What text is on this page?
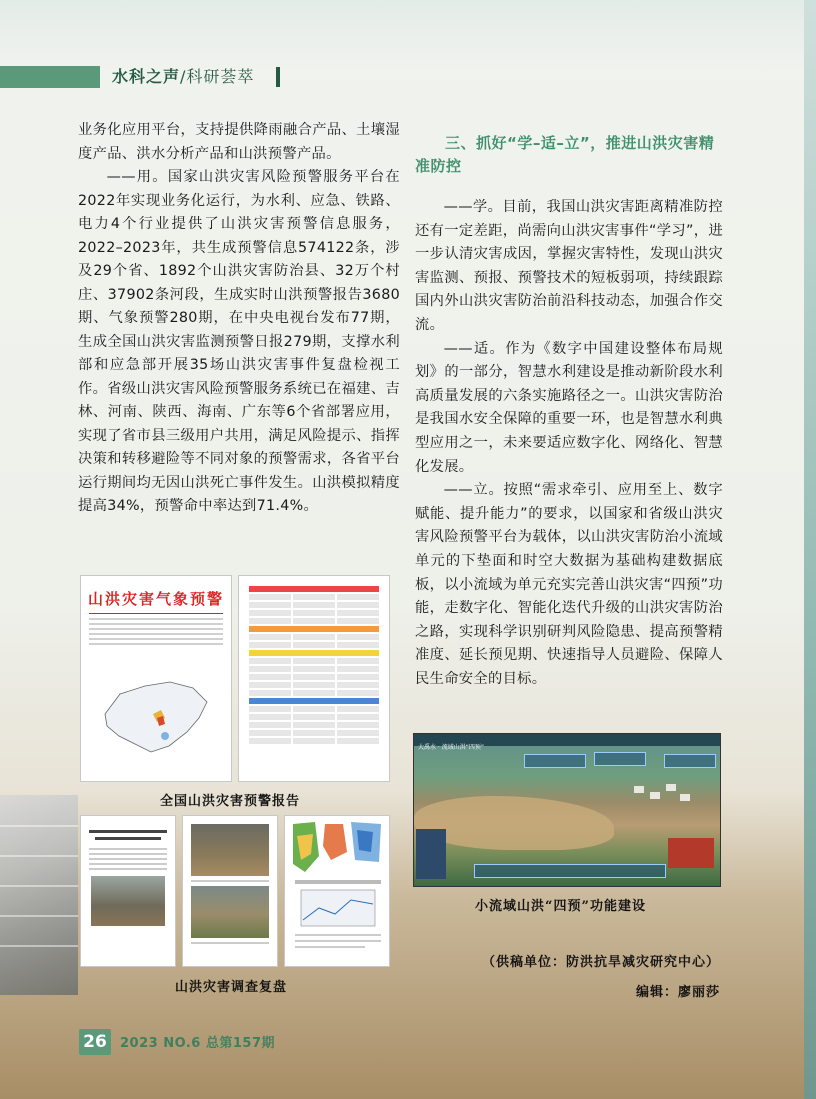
水科之声/科研荟萃

业务化应用平台，支持提供降雨融合产品、土壤湿度产品、洪水分析产品和山洪预警产品。

——用。国家山洪灾害风险预警服务平台在2022年实现业务化运行，为水利、应急、铁路、电力4个行业提供了山洪灾害预警信息服务，2022–2023年，共生成预警信息574122条，涉及29个省、1892个山洪灾害防治县、32万个村庄、37902条河段，生成实时山洪预警报告3680期、气象预警280期，在中央电视台发布77期，生成全国山洪灾害监测预警日报279期，支撑水利部和应急部开展35场山洪灾害事件复盘检视工作。省级山洪灾害风险预警服务系统已在福建、吉林、河南、陕西、海南、广东等6个省部署应用，实现了省市县三级用户共用，满足风险提示、指挥决策和转移避险等不同对象的预警需求，各省平台运行期间均无因山洪死亡事件发生。山洪模拟精度提高34%，预警命中率达到71.4%。

山洪灾害气象预警
全国山洪灾害预警报告
山洪灾害调查复盘
三、抓好“学–适–立”，推进山洪灾害精准防控

——学。目前，我国山洪灾害距离精准防控还有一定差距，尚需向山洪灾害事件“学习”，进一步认清灾害成因，掌握灾害特性，发现山洪灾害监测、预报、预警技术的短板弱项，持续跟踪国内外山洪灾害防治前沿科技动态，加强合作交流。

——适。作为《数字中国建设整体布局规划》的一部分，智慧水利建设是推动新阶段水利高质量发展的六条实施路径之一。山洪灾害防治是我国水安全保障的重要一环，也是智慧水利典型应用之一，未来要适应数字化、网络化、智慧化发展。

——立。按照“需求牵引、应用至上、数字赋能、提升能力”的要求，以国家和省级山洪灾害风险预警平台为载体，以山洪灾害防治小流域单元的下垫面和时空大数据为基础构建数据底板，以小流域为单元充实完善山洪灾害“四预”功能，走数字化、智能化迭代升级的山洪灾害防治之路，实现科学识别研判风险隐患、提高预警精准度、延长预见期、快速指导人员避险、保障人民生命安全的目标。

大禹水 · 流域山洪“四预”
小流域山洪“四预”功能建设
（供稿单位：防洪抗旱减灾研究中心）
编辑：廖丽莎
26	2023 NO.6 总第157期
